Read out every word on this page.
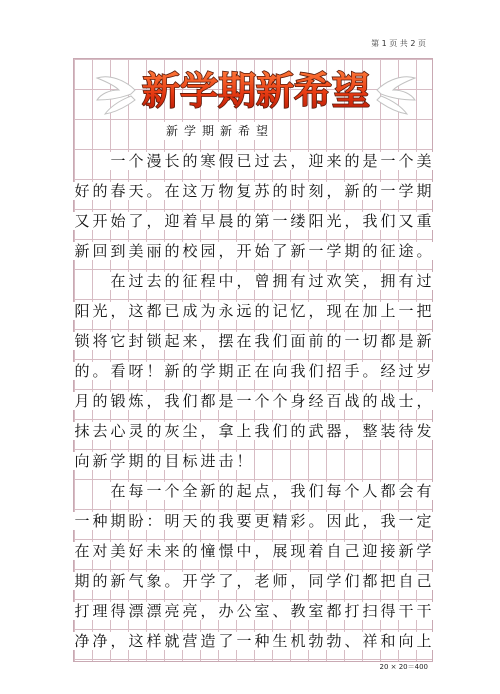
第 1 页 共 2 页
新学期新希望
新 学 期 新 希 望
一 个 漫 长 的 寒 假 已 过 去 ， 迎 来 的 是 一 个 美
好 的 春 天 。 在 这 万 物 复 苏 的 时 刻 ， 新 的 一 学 期
又 开 始 了 ， 迎 着 早 晨 的 第 一 缕 阳 光 ， 我 们 又 重
新 回 到 美 丽 的 校 园 ， 开 始 了 新 一 学 期 的 征 途 。
在 过 去 的 征 程 中 ， 曾 拥 有 过 欢 笑 ， 拥 有 过
阳 光 ， 这 都 已 成 为 永 远 的 记 忆 ， 现 在 加 上 一 把
锁 将 它 封 锁 起 来 ， 摆 在 我 们 面 前 的 一 切 都 是 新
的 。 看 呀 ！ 新 的 学 期 正 在 向 我 们 招 手 。 经 过 岁
月 的 锻 炼 ， 我 们 都 是 一 个 个 身 经 百 战 的 战 士 ，
抹 去 心 灵 的 灰 尘 ， 拿 上 我 们 的 武 器 ， 整 装 待 发
向 新 学 期 的 目 标 进 击 ！
在 每 一 个 全 新 的 起 点 ， 我 们 每 个 人 都 会 有
一 种 期 盼 ： 明 天 的 我 要 更 精 彩 。 因 此 ， 我 一 定
在 对 美 好 未 来 的 憧 憬 中 ， 展 现 着 自 己 迎 接 新 学
期 的 新 气 象 。 开 学 了 ， 老 师 ， 同 学 们 都 把 自 己
打 理 得 漂 漂 亮 亮 ， 办 公 室 、 教 室 都 打 扫 得 干 干
净 净 ， 这 样 就 营 造 了 一 种 生 机 勃 勃 、 祥 和 向 上
20 × 20＝400
